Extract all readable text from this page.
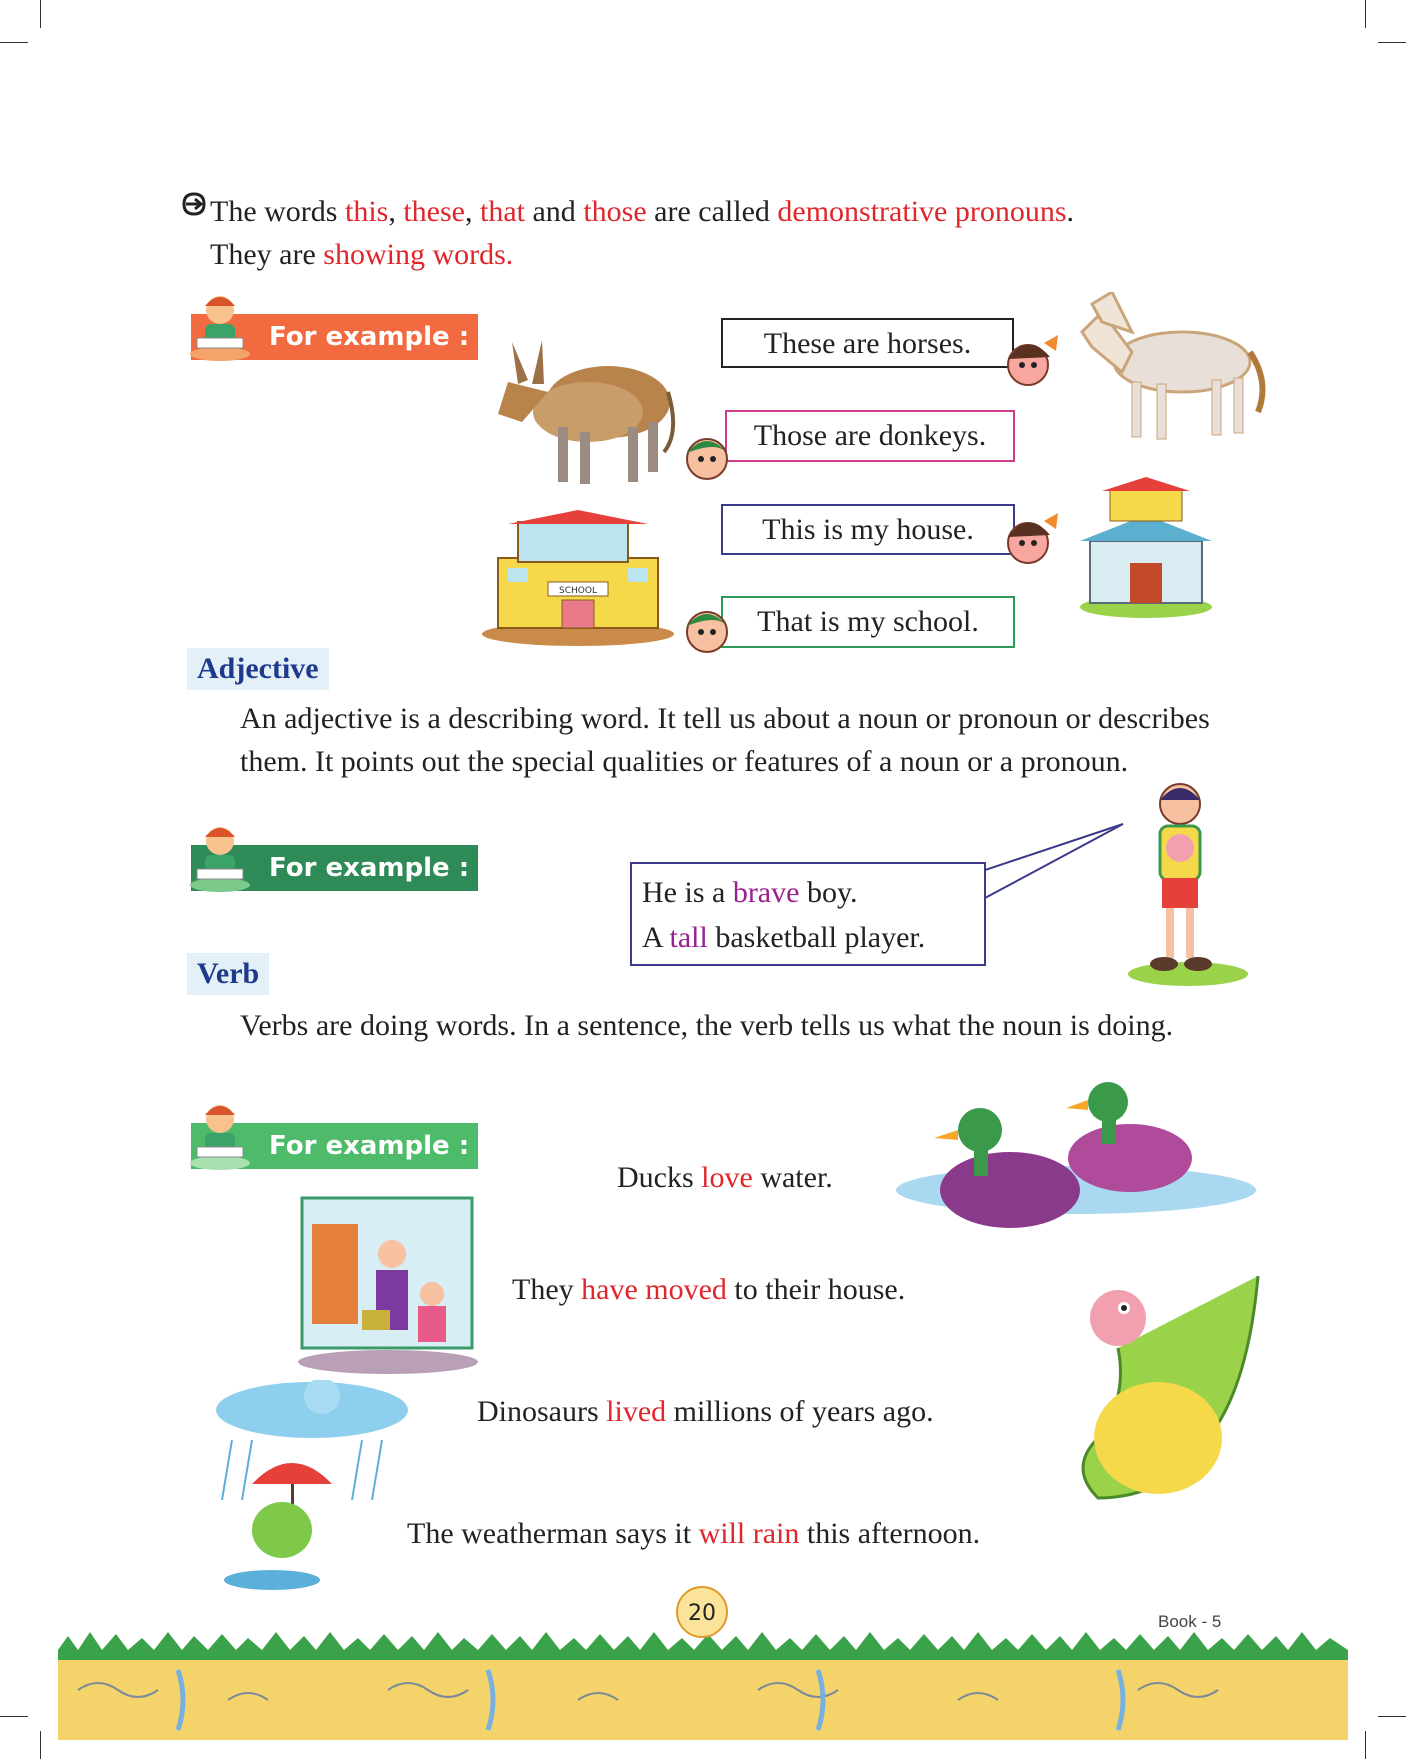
The words this, these, that and those are called demonstrative pronouns.

They are showing words.

For example :	These are horses.
Those are donkeys.
This is my house.
That is my school.
SCHOOL
Adjective

An adjective is a describing word. It tell us about a noun or pronoun or describes them. It points out the special qualities or features of a noun or a pronoun.

For example :

He is a brave boy.

A tall basketball player.

Verb

Verbs are doing words. In a sentence, the verb tells us what the noun is doing.

For example :

Ducks love water.

They have moved to their house.

Dinosaurs lived millions of years ago.

The weatherman says it will rain this afternoon.

20	Book - 5
